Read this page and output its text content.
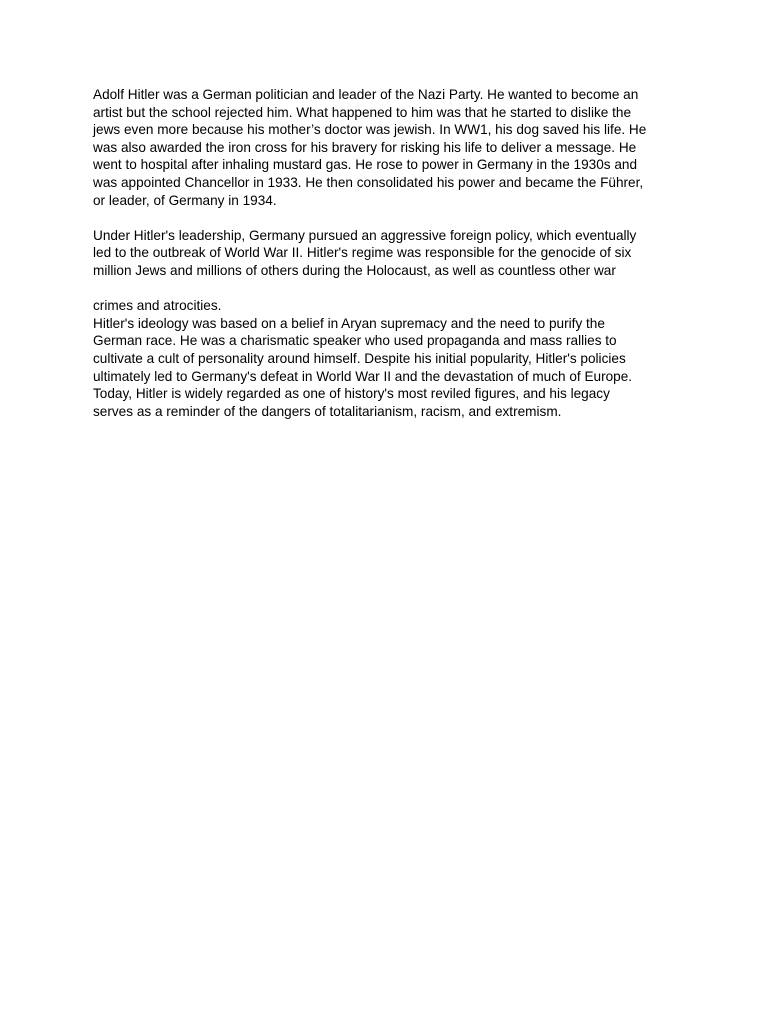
Adolf Hitler was a German politician and leader of the Nazi Party. He wanted to become an
artist but the school rejected him. What happened to him was that he started to dislike the
jews even more because his mother’s doctor was jewish. In WW1, his dog saved his life. He
was also awarded the iron cross for his bravery for risking his life to deliver a message. He
went to hospital after inhaling mustard gas. He rose to power in Germany in the 1930s and
was appointed Chancellor in 1933. He then consolidated his power and became the Führer,
or leader, of Germany in 1934.
Under Hitler's leadership, Germany pursued an aggressive foreign policy, which eventually
led to the outbreak of World War II. Hitler's regime was responsible for the genocide of six
million Jews and millions of others during the Holocaust, as well as countless other war
crimes and atrocities.
Hitler's ideology was based on a belief in Aryan supremacy and the need to purify the
German race. He was a charismatic speaker who used propaganda and mass rallies to
cultivate a cult of personality around himself. Despite his initial popularity, Hitler's policies
ultimately led to Germany's defeat in World War II and the devastation of much of Europe.
Today, Hitler is widely regarded as one of history's most reviled figures, and his legacy
serves as a reminder of the dangers of totalitarianism, racism, and extremism.
